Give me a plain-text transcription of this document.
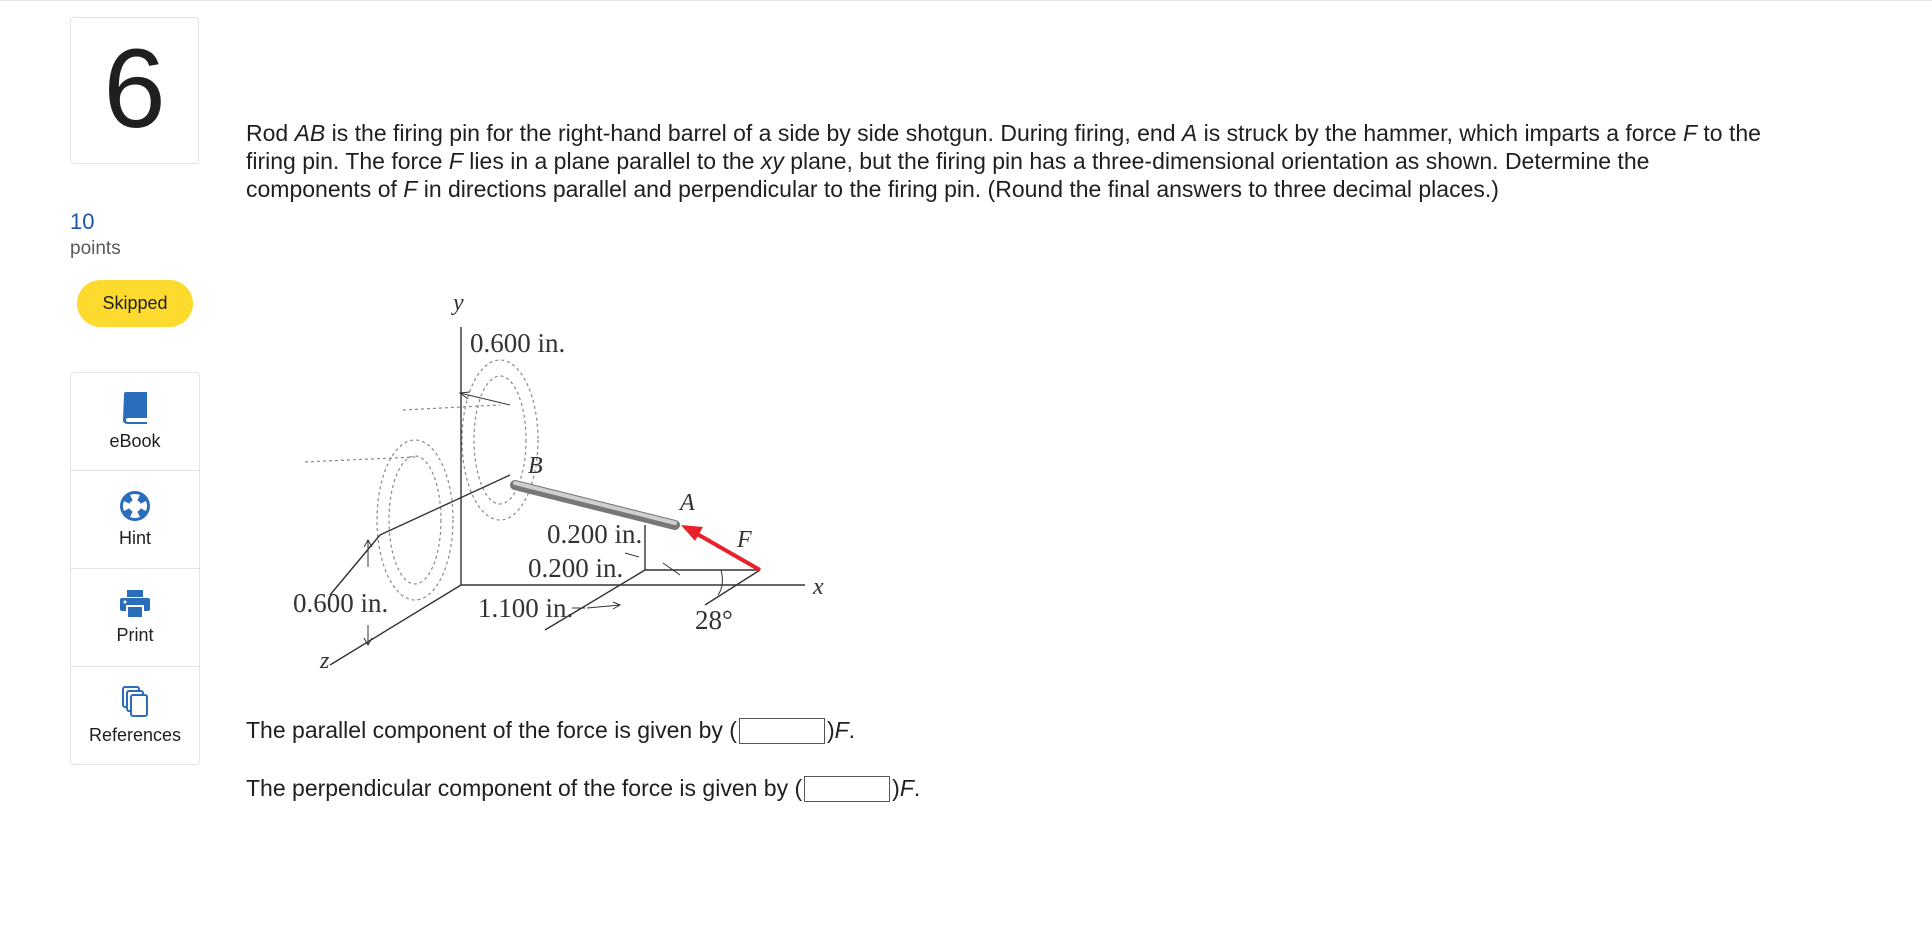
6
10
points
Skipped
eBook
Hint
Print
References
Rod AB is the firing pin for the right-hand barrel of a side by side shotgun. During firing, end A is struck by the hammer, which imparts a force F to the firing pin. The force F lies in a plane parallel to the xy plane, but the firing pin has a three-dimensional orientation as shown. Determine the components of F in directions parallel and perpendicular to the firing pin. (Round the final answers to three decimal places.)
y
x
z
B
A
F
0.600 in.
0.200 in.
0.200 in.
0.600 in.	1.100 in.	28°
The parallel component of the force is given by (	)F.
The perpendicular component of the force is given by (	)F.
